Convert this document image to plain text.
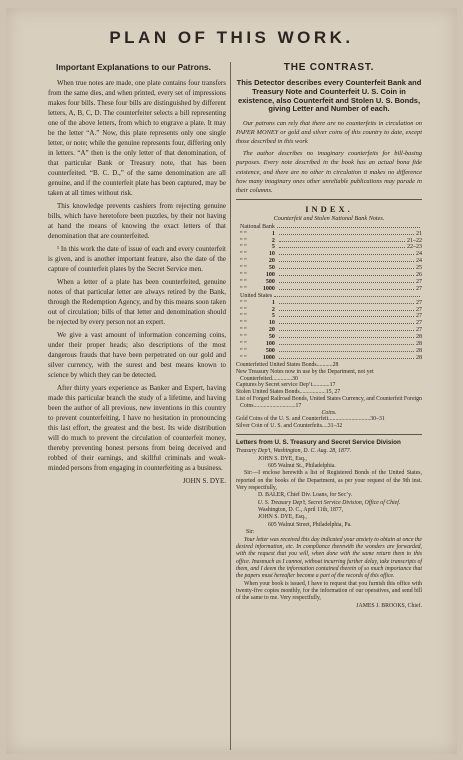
PLAN OF THIS WORK.
Important Explanations to our Patrons.

When true notes are made, one plate contains four transfers from the same dies, and when printed, every set of impressions makes four bills. These four bills are distinguished by different letters, A, B, C, D. The counterfeiter selects a bill representing one of the above letters, from which to engrave a plate. It may be the letter “A.” Now, this plate represents only one single letter, or note; while the genuine represents four, differing only in letters. “A” then is the only letter of that denomination, of that particular Bank or Treasury note, that has been counterfeited. “B. C. D.,” of the same denomination are all genuine, and if the counterfeit plate has been captured, may be taken at all times without risk.

This knowledge prevents cashiers from rejecting genuine bills, which have heretofore been puzzles, by their not having at hand the means of knowing the exact letters of that denomination that are counterfeited.

¹ In this work the date of issue of each and every counterfeit is given, and is another important feature, also the date of the capture of counterfeit plates by the Secret Service men.

When a letter of a plate has been counterfeited, genuine notes of that particular letter are always retired by the Bank, through the Redemption Agency, and by this means soon taken out of circulation; bills of that letter and denomination should be rejected by every person not an expert.

We give a vast amount of information concerning coins, under their proper heads; also descriptions of the most dangerous frauds that have been perpetrated on our gold and silver currency, with the surest and best means known to science by which they can be detected.

After thirty years experience as Banker and Expert, having made this particular branch the study of a lifetime, and having been the author of all previous, new inventions in this country to prevent counterfeiting, I have no hesitation in pronouncing this last effort, the greatest and the best. Its wide distribution will do much to prevent the circulation of counterfeit money, thereby preventing honest persons from being deceived and robbed of their earnings, and skillful criminals and weak-minded persons from engaging in counterfeiting as a business.

JOHN S. DYE.

THE CONTRAST.
This Detector describes every Counterfeit Bank and Treasury Note and Counterfeit U. S. Coin in existence, also Counterfeit and Stolen U. S. Bonds, giving Letter and Number of each.

Our patrons can rely that there are no counterfeits in circulation on PAPER MONEY or gold and silver coins of this country to date, except those described in this work

The author describes no imaginary counterfeits for bill-basing purposes. Every note described in the book has an actual bona fide existence, and there are no other in circulation it makes no difference how many imaginary ones other unreliable publications may parade in their columns.

INDEX.
Counterfeit and Stolen National Bank Notes.
National Bank
“ “	1	21
“ “	2	21–22
“ “	5	22–23
“ “	10	24
“ “	20	24
“ “	50	25
“ “	100	26
“ “	500	27
“ “	1000	27
United States
“ “	1	27
“ “	2	27
“ “	5	27
“ “	10	27
“ “	20	27
“ “	50	28
“ “	100	28
“ “	500	28
“ “	1000	28

Counterfeited United States Bonds...........28

New Treasury Notes now in use by the Department, not yet Counterfeited..............30

Captures by Secret service Dep’t............17

Stolen United States Bonds..................15, 27

List of Forged Railroad Bonds, United States Currency, and Counterfeit Foreign Coins.............................17

Coins.

Gold Coins of the U. S. and Counterfeit.............................30–31

Silver Coin of U. S. and Counterfeits....31–32

Letters from U. S. Treasury and Secret Service Division

Treasury Dep’t, Washington, D. C. Aug. 28, 1877.

JOHN S. DYE, Esq.,

605 Walnut St., Philadelphia.

Sir:—I enclose herewith a list of Registered Bonds of the United States, reported on the books of the Department, as per your request of the 9th inst. Very respectfully,

D. BALER, Chief Div. Loans, for Sec’y.

U. S. Treasury Dep’t, Secret Service Division, Office of Chief.

Washington, D. C., April 11th, 1877,

JOHN S. DYE, Esq.,

605 Walnut Street, Philadelphia, Pa.

Sir:

Your letter was received this day indicated your anxiety to obtain at once the desired information, etc. In compliance therewith the wonders are forwarded, with the request that you will, when done with the same return them to this office. Inasmuch as I cannot, without incurring further delay, take transcripts of them, and I deem the information contained therein of so much importance that the papers must hereafter become a part of the records of this office.

When your book is issued, I have to request that you furnish this office with twenty-five copies monthly, for the information of our operatives, and send bill of the same to me. Very respectfully,

JAMES J. BROOKS, Chief.
